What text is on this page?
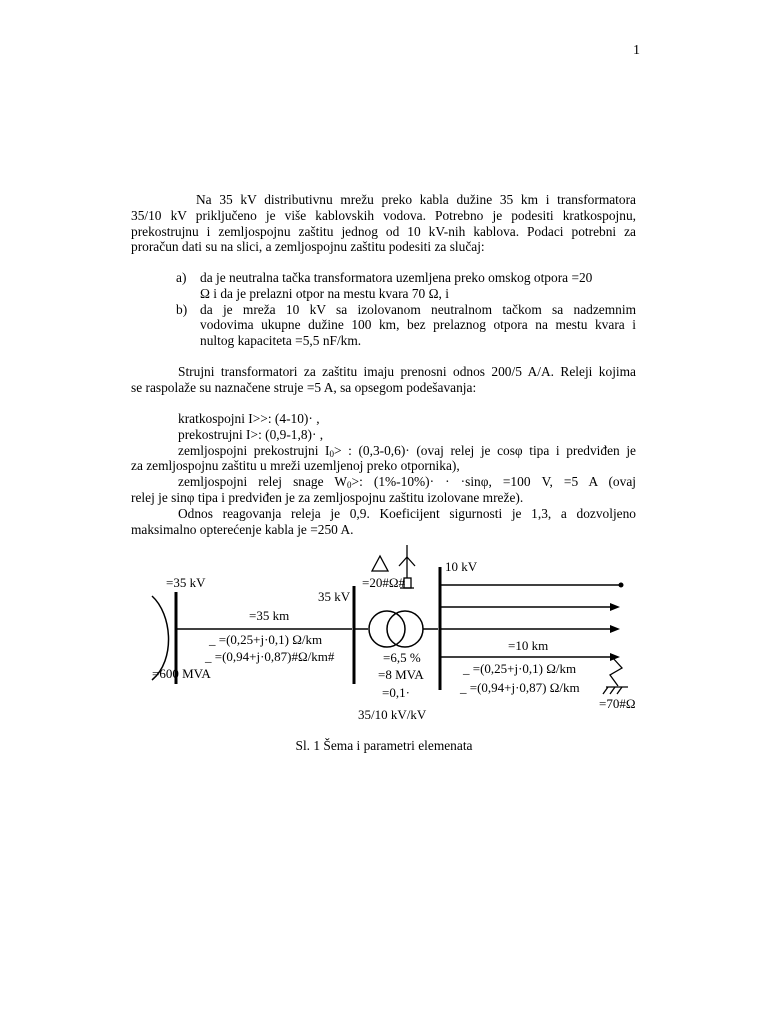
1
Na 35 kV distributivnu mrežu preko kabla dužine 35 km i transformatora
35/10 kV priključeno je više kablovskih vodova. Potrebno je podesiti kratkospojnu,
prekostrujnu i zemljospojnu zaštitu jednog od 10 kV-nih kablova. Podaci potrebni za
proračun dati su na slici, a zemljospojnu zaštitu podesiti za slučaj:
a) da je neutralna tačka transformatora uzemljena preko omskog otpora =20
Ω i da je prelazni otpor na mestu kvara 70 Ω, i
b) da je mreža 10 kV sa izolovanom neutralnom tačkom sa nadzemnim
vodovima ukupne dužine 100 km, bez prelaznog otpora na mestu kvara i
nultog kapaciteta =5,5 nF/km.
Strujni transformatori za zaštitu imaju prenosni odnos 200/5 A/A. Releji kojima
se raspolaže su naznačene struje =5 A, sa opsegom podešavanja:
kratkospojni I>>: (4-10)· ,
prekostrujni I>: (0,9-1,8)· ,
zemljospojni prekostrujni $I_0>$ : (0,3-0,6)· (ovaj relej je cosφ tipa i predviđen je
za zemljospojnu zaštitu u mreži uzemljenoj preko otpornika),
zemljospojni relej snage $W_0>$: (1%-10%)· · ·sinφ, =100 V, =5 A (ovaj
relej je sinφ tipa i predviđen je za zemljospojnu zaštitu izolovane mreže).
Odnos reagovanja releja je 0,9. Koeficijent sigurnosti je 1,3, a dozvoljeno
maksimalno opterećenje kabla je =250 A.
=35 kV
=600 MVA
=35 km
_ =(0,25+j·0,1) Ω/km
_ =(0,94+j·0,87)#Ω/km#
35 kV
=20#Ω#
=6,5 %
=8 MVA
=0,1·
35/10 kV/kV
10 kV
=10 km
_ =(0,25+j·0,1) Ω/km
_ =(0,94+j·0,87) Ω/km
=70#Ω
Sl. 1 Šema i parametri elemenata
